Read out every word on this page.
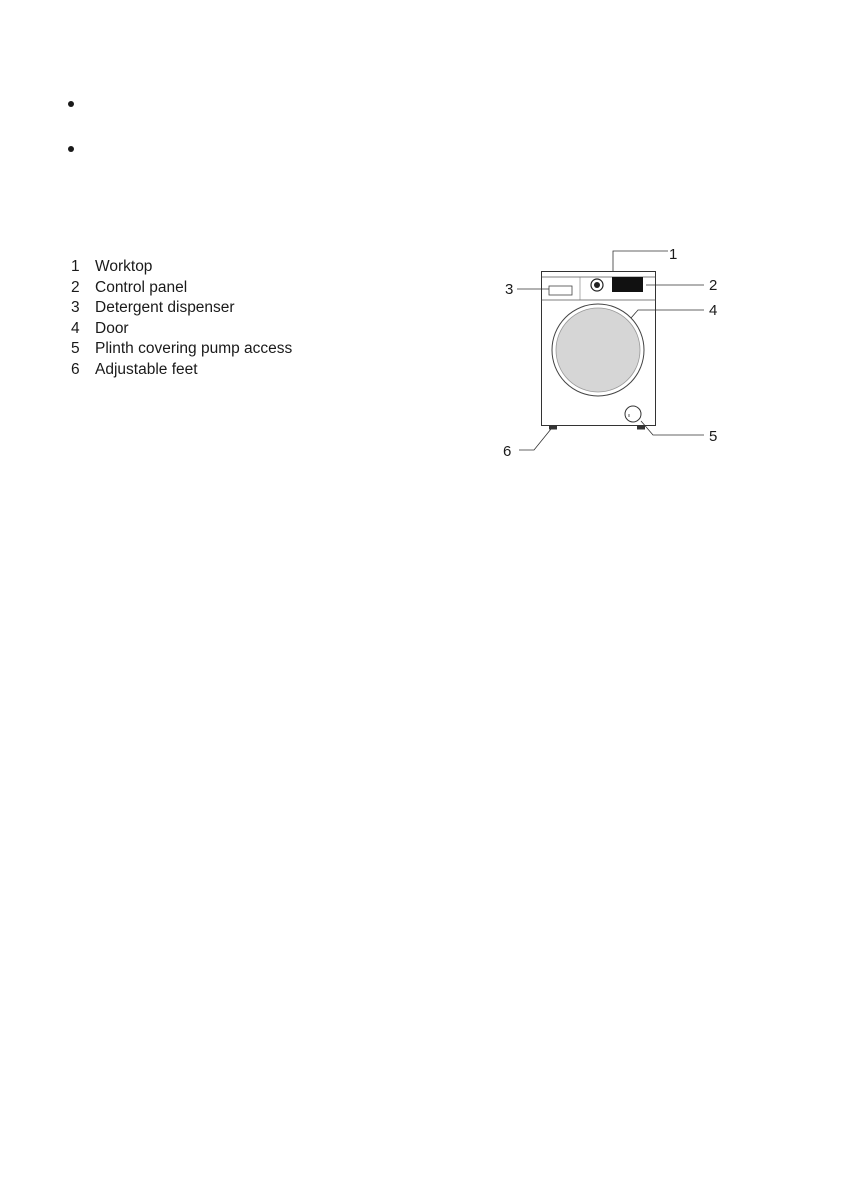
1 Worktop
2 Control panel
3 Detergent dispenser
4 Door
5 Plinth covering pump access
6 Adjustable feet
1
2
3
4
5
6
